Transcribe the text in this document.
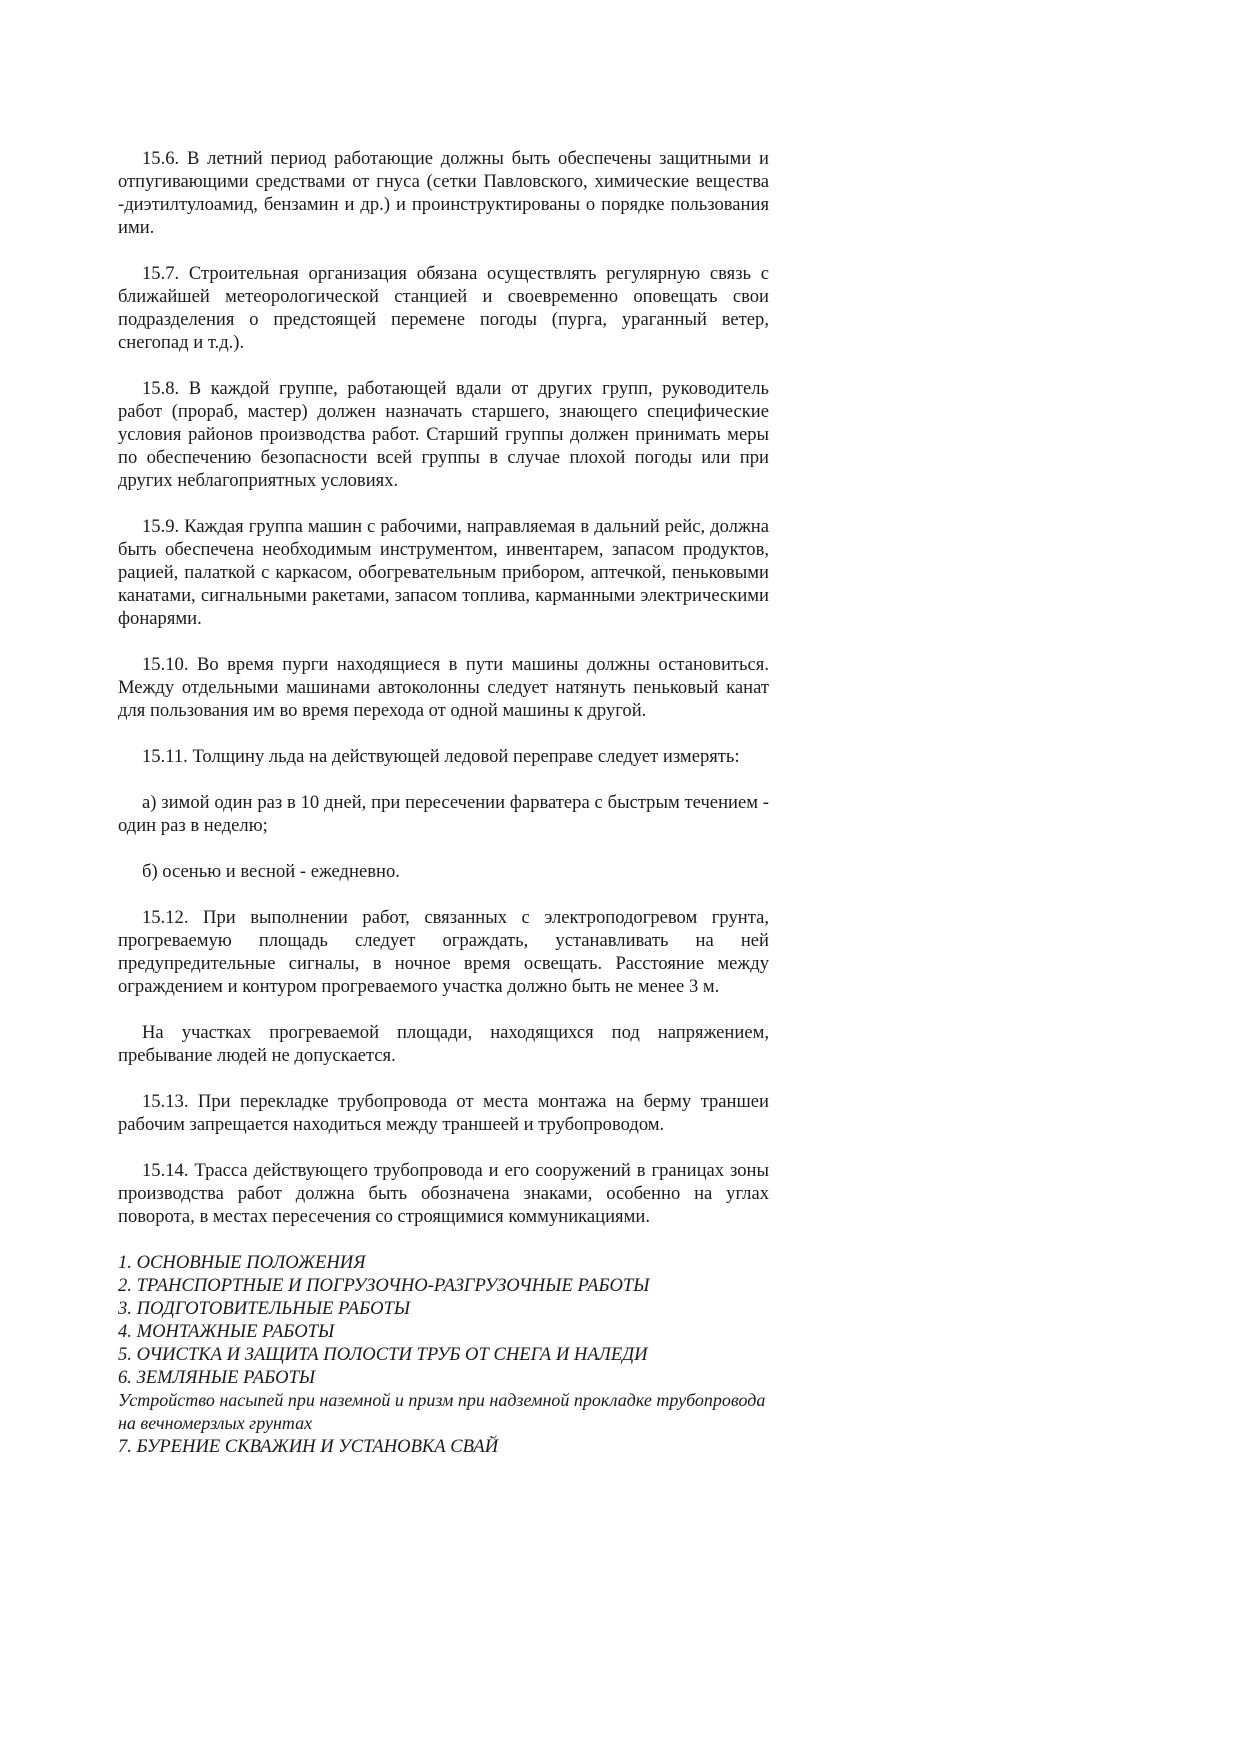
15.6. В летний период работающие должны быть обеспечены защитными и отпугивающими средствами от гнуса (сетки Павловского, химические вещества -диэтилтулоамид, бензамин и др.) и проинструктированы о порядке пользования ими.

15.7. Строительная организация обязана осуществлять регулярную связь с ближайшей метеорологической станцией и своевременно оповещать свои подразделения о предстоящей перемене погоды (пурга, ураганный ветер, снегопад и т.д.).

15.8. В каждой группе, работающей вдали от других групп, руководитель работ (прораб, мастер) должен назначать старшего, знающего специфические условия районов производства работ. Старший группы должен принимать меры по обеспечению безопасности всей группы в случае плохой погоды или при других неблагоприятных условиях.

15.9. Каждая группа машин с рабочими, направляемая в дальний рейс, должна быть обеспечена необходимым инструментом, инвентарем, запасом продуктов, рацией, палаткой с каркасом, обогревательным прибором, аптечкой, пеньковыми канатами, сигнальными ракетами, запасом топлива, карманными электрическими фонарями.

15.10. Во время пурги находящиеся в пути машины должны остановиться. Между отдельными машинами автоколонны следует натянуть пеньковый канат для пользования им во время перехода от одной машины к другой.

15.11. Толщину льда на действующей ледовой переправе следует измерять:

а) зимой один раз в 10 дней, при пересечении фарватера с быстрым течением - один раз в неделю;

б) осенью и весной - ежедневно.

15.12. При выполнении работ, связанных с электроподогревом грунта, прогреваемую площадь следует ограждать, устанавливать на ней предупредительные сигналы, в ночное время освещать. Расстояние между ограждением и контуром прогреваемого участка должно быть не менее 3 м.

На участках прогреваемой площади, находящихся под напряжением, пребывание людей не допускается.

15.13. При перекладке трубопровода от места монтажа на берму траншеи рабочим запрещается находиться между траншеей и трубопроводом.

15.14. Трасса действующего трубопровода и его сооружений в границах зоны производства работ должна быть обозначена знаками, особенно на углах поворота, в местах пересечения со строящимися коммуникациями.

1. ОСНОВНЫЕ ПОЛОЖЕНИЯ
2. ТРАНСПОРТНЫЕ И ПОГРУЗОЧНО-РАЗГРУЗОЧНЫЕ РАБОТЫ
3. ПОДГОТОВИТЕЛЬНЫЕ РАБОТЫ
4. МОНТАЖНЫЕ РАБОТЫ
5. ОЧИСТКА И ЗАЩИТА ПОЛОСТИ ТРУБ ОТ СНЕГА И НАЛЕДИ
6. ЗЕМЛЯНЫЕ РАБОТЫ
Устройство насыпей при наземной и призм при надземной прокладке трубопровода на вечномерзлых грунтах
7. БУРЕНИЕ СКВАЖИН И УСТАНОВКА СВАЙ
